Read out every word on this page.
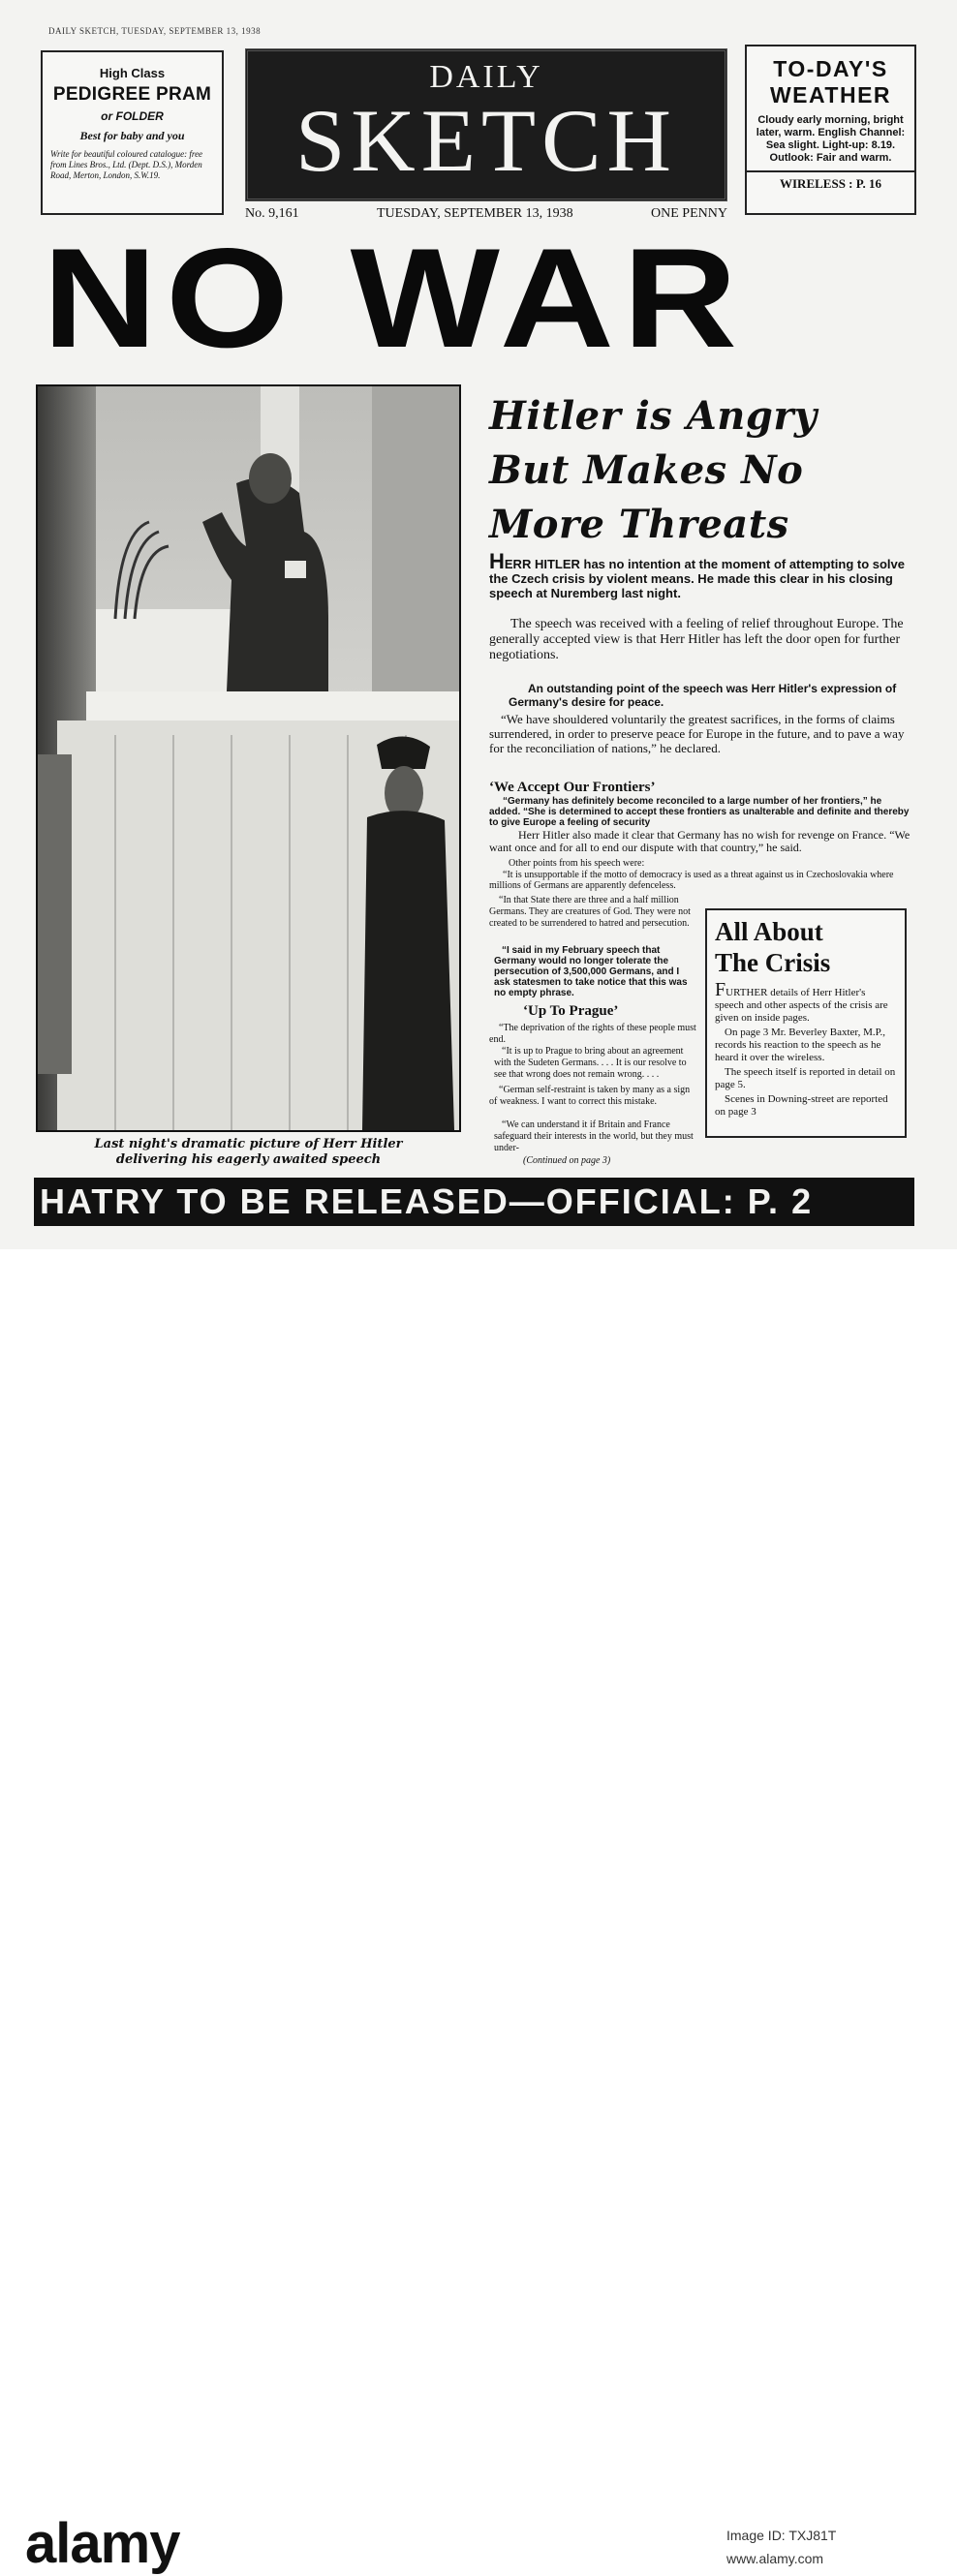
DAILY SKETCH, TUESDAY, SEPTEMBER 13, 1938
High Class
PEDIGREE PRAM
or FOLDER
Best for baby and you
Write for beautiful coloured catalogue: free from Lines Bros., Ltd. (Dept. D.S.), Morden Road, Merton, London, S.W.19.
DAILY
SKETCH
No. 9,161	TUESDAY, SEPTEMBER 13, 1938	ONE PENNY
TO-DAY'S
WEATHER
Cloudy early morning, bright later, warm. English Channel: Sea slight. Light-up: 8.19. Outlook: Fair and warm.
WIRELESS : P. 16
NO WAR
Last night's dramatic picture of Herr Hitler
delivering his eagerly awaited speech
Hitler is Angry
But Makes No
More Threats
HERR HITLER has no intention at the moment of attempting to solve the Czech crisis by violent means. He made this clear in his closing speech at Nuremberg last night.
The speech was received with a feeling of relief throughout Europe. The generally accepted view is that Herr Hitler has left the door open for further negotiations.
An outstanding point of the speech was Herr Hitler's expression of Germany's desire for peace.
“We have shouldered voluntarily the greatest sacrifices, in the forms of claims surrendered, in order to preserve peace for Europe in the future, and to pave a way for the reconciliation of nations,” he declared.
‘We Accept Our Frontiers’
“Germany has definitely become reconciled to a large number of her frontiers,” he added. “She is determined to accept these frontiers as unalterable and definite and thereby to give Europe a feeling of security
Herr Hitler also made it clear that Germany has no wish for revenge on France. “We want once and for all to end our dispute with that country,” he said.
Other points from his speech were:
“It is unsupportable if the motto of democracy is used as a threat against us in Czechoslovakia where millions of Germans are apparently defenceless.
“In that State there are three and a half million Germans. They are creatures of God. They were not created to be surrendered to hatred and persecution.
“I said in my February speech that Germany would no longer tolerate the persecution of 3,500,000 Germans, and I ask statesmen to take notice that this was no empty phrase.
‘Up To Prague’
“The deprivation of the rights of these people must end.
“It is up to Prague to bring about an agreement with the Sudeten Germans. . . . It is our resolve to see that wrong does not remain wrong. . . .
“German self-restraint is taken by many as a sign of weakness. I want to correct this mistake.
“We can understand it if Britain and France safeguard their interests in the world, but they must under-
(Continued on page 3)
All About
The Crisis
FURTHER details of Herr Hitler's speech and other aspects of the crisis are given on inside pages.
On page 3 Mr. Beverley Baxter, M.P., records his reaction to the speech as he heard it over the wireless.
The speech itself is reported in detail on page 5.
Scenes in Downing-street are reported on page 3
HATRY TO BE RELEASED—OFFICIAL: P. 2
alamy	Image ID: TXJ81T
www.alamy.com
